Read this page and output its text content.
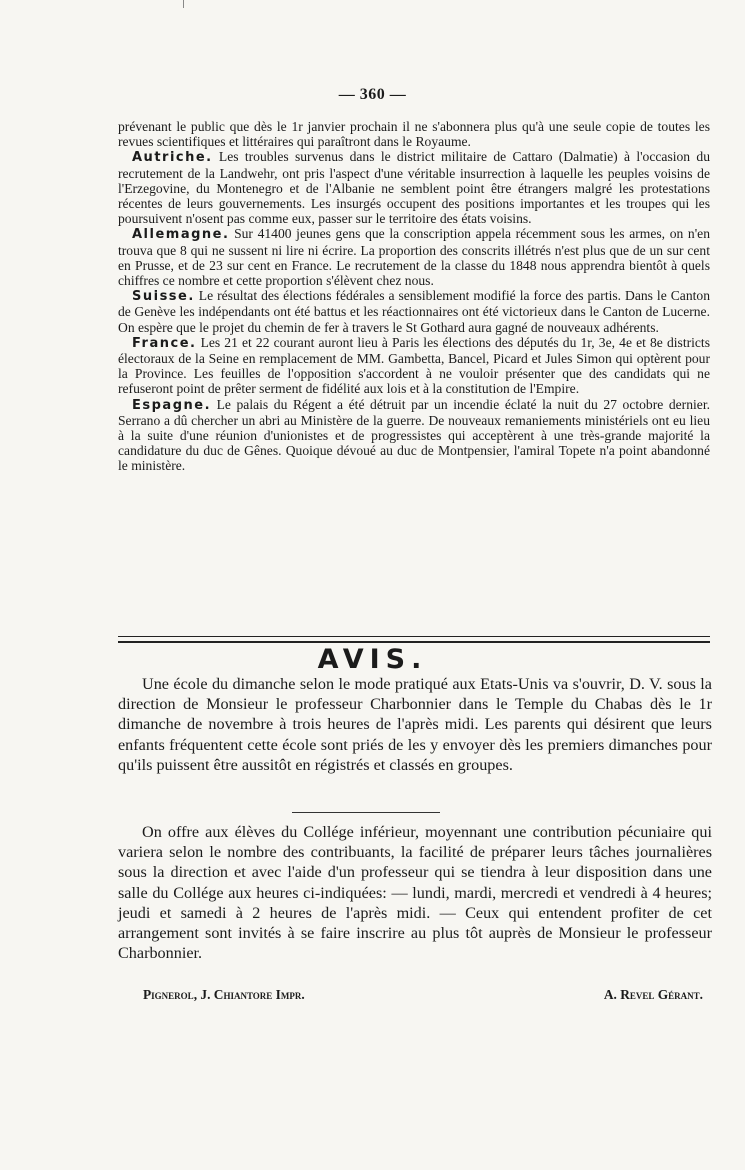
— 360 —

prévenant le public que dès le 1r janvier prochain il ne s'abonnera plus qu'à une seule copie de toutes les revues scientifiques et littéraires qui paraîtront dans le Royaume.

Autriche. Les troubles survenus dans le district militaire de Cattaro (Dalmatie) à l'occasion du recrutement de la Landwehr, ont pris l'aspect d'une véritable insurrection à laquelle les peuples voisins de l'Erzegovine, du Montenegro et de l'Albanie ne semblent point être étrangers malgré les protestations récentes de leurs gouvernements. Les insurgés occupent des positions importantes et les troupes qui les poursuivent n'osent pas comme eux, passer sur le territoire des états voisins.

Allemagne. Sur 41400 jeunes gens que la conscription appela récemment sous les armes, on n'en trouva que 8 qui ne sussent ni lire ni écrire. La proportion des conscrits illétrés n'est plus que de un sur cent en Prusse, et de 23 sur cent en France. Le recrutement de la classe du 1848 nous apprendra bientôt à quels chiffres ce nombre et cette proportion s'élèvent chez nous.

Suisse. Le résultat des élections fédérales a sensiblement modifié la force des partis. Dans le Canton de Genève les indépendants ont été battus et les réactionnaires ont été victorieux dans le Canton de Lucerne. On espère que le projet du chemin de fer à travers le St Gothard aura gagné de nouveaux adhérents.

France. Les 21 et 22 courant auront lieu à Paris les élections des députés du 1r, 3e, 4e et 8e districts électoraux de la Seine en remplacement de MM. Gambetta, Bancel, Picard et Jules Simon qui optèrent pour la Province. Les feuilles de l'opposition s'accordent à ne vouloir présenter que des candidats qui ne refuseront point de prêter serment de fidélité aux lois et à la constitution de l'Empire.

Espagne. Le palais du Régent a été détruit par un incendie éclaté la nuit du 27 octobre dernier. Serrano a dû chercher un abri au Ministère de la guerre. De nouveaux remaniements ministériels ont eu lieu à la suite d'une réunion d'unionistes et de progressistes qui acceptèrent à une très-grande majorité la candidature du duc de Gênes. Quoique dévoué au duc de Montpensier, l'amiral Topete n'a point abandonné le ministère.

AVIS.

Une école du dimanche selon le mode pratiqué aux Etats-Unis va s'ouvrir, D. V. sous la direction de Monsieur le professeur Charbonnier dans le Temple du Chabas dès le 1r dimanche de novembre à trois heures de l'après midi. Les parents qui désirent que leurs enfants fréquentent cette école sont priés de les y envoyer dès les premiers dimanches pour qu'ils puissent être aussitôt en régistrés et classés en groupes.

On offre aux élèves du Collége inférieur, moyennant une contribution pécuniaire qui variera selon le nombre des contribuants, la facilité de préparer leurs tâches journalières sous la direction et avec l'aide d'un professeur qui se tiendra à leur disposition dans une salle du Collége aux heures ci-indiquées: — lundi, mardi, mercredi et vendredi à 4 heures; jeudi et samedi à 2 heures de l'après midi. — Ceux qui entendent profiter de cet arrangement sont invités à se faire inscrire au plus tôt auprès de Monsieur le professeur Charbonnier.

Pignerol, J. Chiantore Impr.	A. Revel Gérant.
